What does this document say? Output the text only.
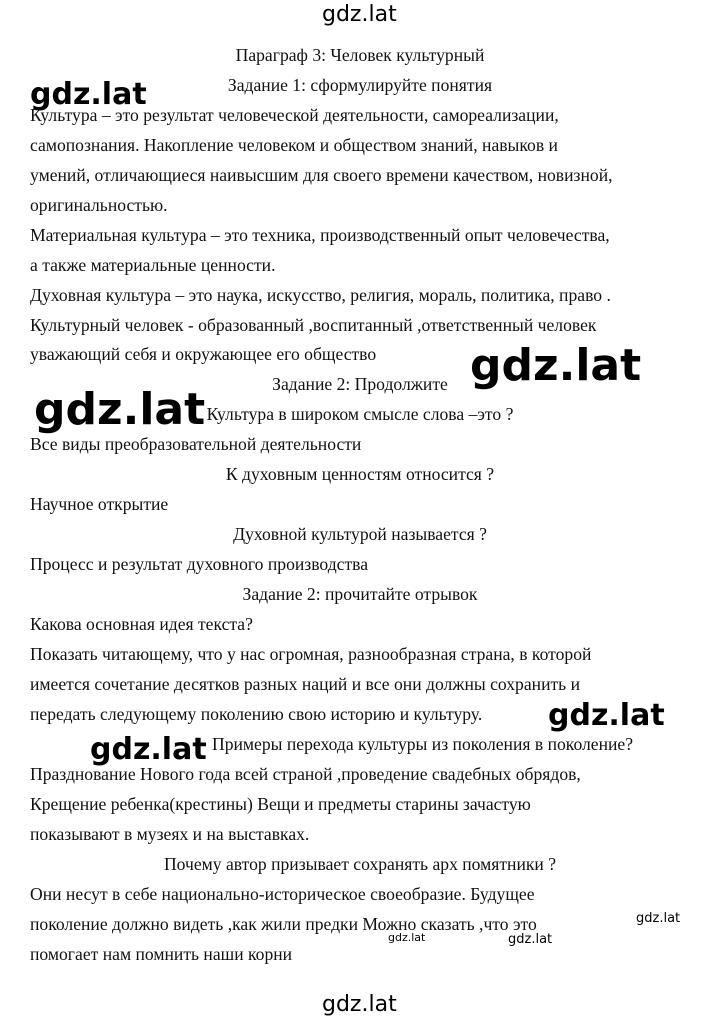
gdz.lat
Параграф 3: Человек культурный
Задание 1: сформулируйте понятия
Культура – это результат человеческой деятельности, самореализации,
самопознания. Накопление человеком и обществом знаний, навыков и
умений, отличающиеся наивысшим для своего времени качеством, новизной,
оригинальностью.
Материальная культура – это техника, производственный опыт человечества,
а также материальные ценности.
Духовная культура – это наука, искусство, религия, мораль, политика, право .
Культурный человек - образованный ,воспитанный ,ответственный человек
уважающий себя и окружающее его общество
Задание 2: Продолжите
Культура в широком смысле слова –это ?
Все виды преобразовательной деятельности
К духовным ценностям относится ?
Научное открытие
Духовной культурой называется ?
Процесс и результат духовного производства
Задание 2: прочитайте отрывок
Какова основная идея текста?
Показать читающему, что у нас огромная, разнообразная страна, в которой
имеется сочетание десятков разных наций и все они должны сохранить и
передать следующему поколению свою историю и культуру.
Примеры перехода культуры из поколения в поколение?
Празднование Нового года всей страной ,проведение свадебных обрядов,
Крещение ребенка(крестины) Вещи и предметы старины зачастую
показывают в музеях и на выставках.
Почему автор призывает сохранять арх помятники ?
Они несут в себе национально-историческое своеобразие. Будущее
поколение должно видеть ,как жили предки Можно сказать ,что это
помогает нам помнить наши корни
gdz.lat
gdz.lat
gdz.lat
gdz.lat
gdz.lat
gdz.lat
gdz.lat	gdz.lat
gdz.lat
